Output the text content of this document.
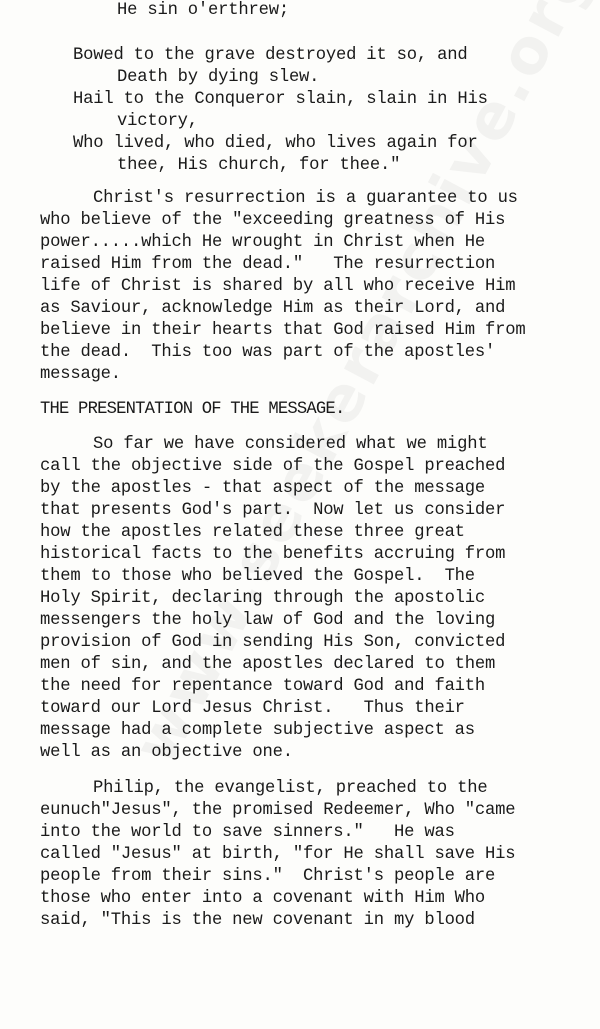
He sin o'erthrew;
Bowed to the grave destroyed it so, and
Death by dying slew.
Hail to the Conqueror slain, slain in His
victory,
Who lived, who died, who lives again for
thee, His church, for thee."
Christ's resurrection is a guarantee to us
who believe of the "exceeding greatness of His
power.....which He wrought in Christ when He
raised Him from the dead."   The resurrection
life of Christ is shared by all who receive Him
as Saviour, acknowledge Him as their Lord, and
believe in their hearts that God raised Him from
the dead.  This too was part of the apostles'
message.
THE PRESENTATION OF THE MESSAGE.
So far we have considered what we might
call the objective side of the Gospel preached
by the apostles - that aspect of the message
that presents God's part.  Now let us consider
how the apostles related these three great
historical facts to the benefits accruing from
them to those who believed the Gospel.  The
Holy Spirit, declaring through the apostolic
messengers the holy law of God and the loving
provision of God in sending His Son, convicted
men of sin, and the apostles declared to them
the need for repentance toward God and faith
toward our Lord Jesus Christ.   Thus their
message had a complete subjective aspect as
well as an objective one.
Philip, the evangelist, preached to the
eunuch"Jesus", the promised Redeemer, Who "came
into the world to save sinners."   He was
called "Jesus" at birth, "for He shall save His
people from their sins."  Christ's people are
those who enter into a covenant with Him Who
said, "This is the new covenant in my blood
